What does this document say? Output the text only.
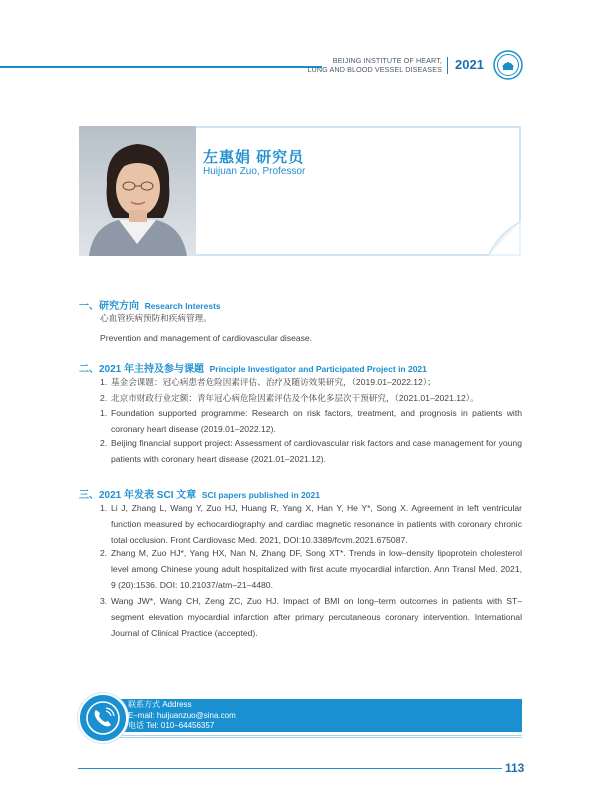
BEIJING INSTITUTE OF HEART,
LUNG AND BLOOD VESSEL DISEASES 2021
左惠娟 研究员
Huijuan Zuo, Professor
一、研究方向 Research Interests
心血管疾病预防和疾病管理。
Prevention and management of cardiovascular disease.
二、2021 年主持及参与课题 Principle Investigator and Participated Project in 2021
1. 基金会课题：冠心病患者危险因素评估、治疗及随访效果研究，（2019.01–2022.12）；
2. 北京市财政行业定额：青年冠心病危险因素评估及个体化多层次干预研究，（2021.01–2021.12）。
1. Foundation supported programme: Research on risk factors, treatment, and prognosis in patients with coronary heart disease (2019.01–2022.12).
2. Beijing financial support project: Assessment of cardiovascular risk factors and case management for young patients with coronary heart disease (2021.01–2021.12).
三、2021 年发表 SCI 文章 SCI papers published in 2021
1. Li J, Zhang L, Wang Y, Zuo HJ, Huang R, Yang X, Han Y, He Y*, Song X. Agreement in left ventricular function measured by echocardiography and cardiac magnetic resonance in patients with coronary chronic total occlusion. Front Cardiovasc Med. 2021, DOI:10.3389/fcvm.2021.675087.
2. Zhang M, Zuo HJ*, Yang HX, Nan N, Zhang DF, Song XT*. Trends in low–density lipoprotein cholesterol level among Chinese young adult hospitalized with first acute myocardial infarction. Ann Transl Med. 2021, 9 (20):1536. DOI: 10.21037/atm–21–4480.
3. Wang JW*, Wang CH, Zeng ZC, Zuo HJ. Impact of BMI on long–term outcomes in patients with ST–segment elevation myocardial infarction after primary percutaneous coronary intervention. International Journal of Clinical Practice (accepted).
联系方式 Address
E–mail: huijuanzuo@sina.com
电话 Tel: 010–64456357
113
